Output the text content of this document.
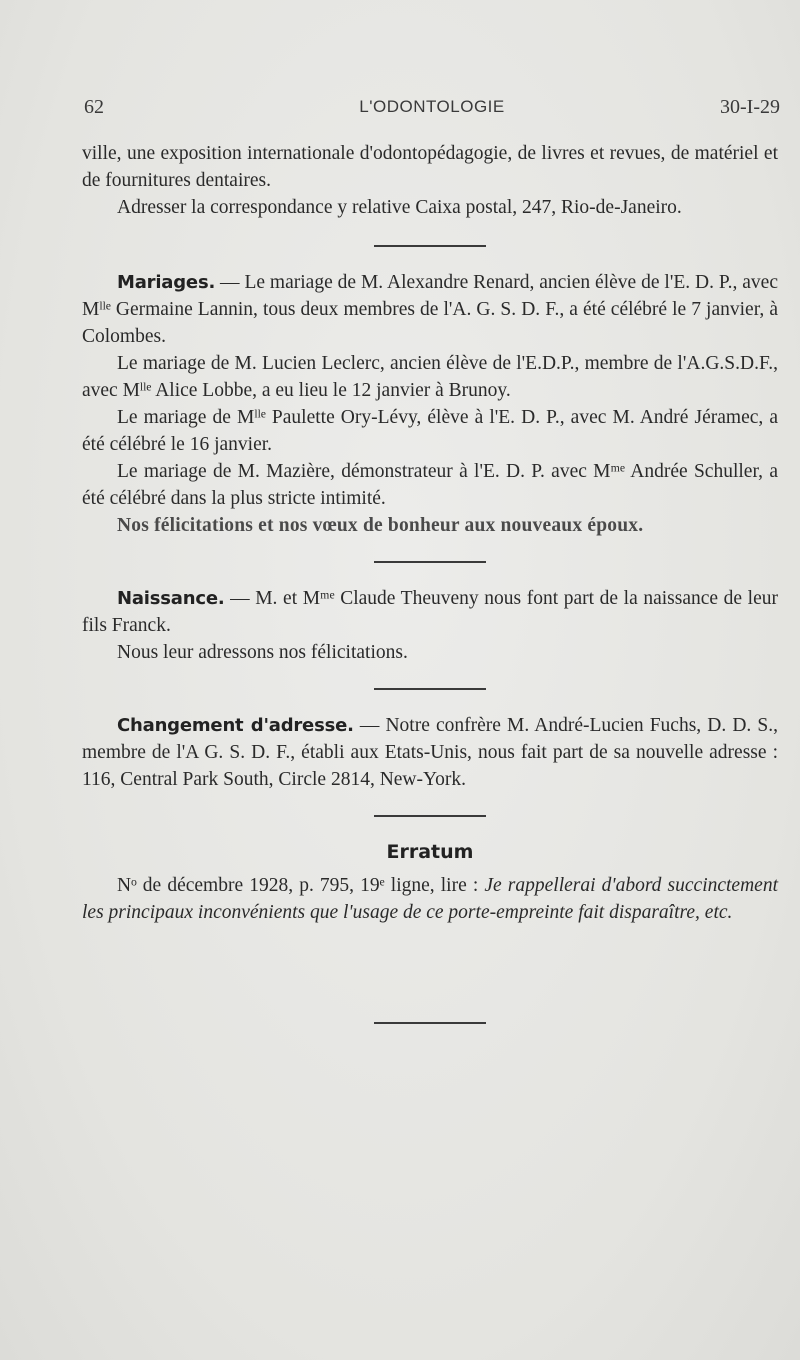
62	L'ODONTOLOGIE	30-I-29

ville, une exposition internationale d'odontopédagogie, de livres et revues, de matériel et de fournitures dentaires.

Adresser la correspondance y relative Caixa postal, 247, Rio-de-Janeiro.

Mariages. — Le mariage de M. Alexandre Renard, ancien élève de l'E. D. P., avec Mˡˡᵉ Germaine Lannin, tous deux membres de l'A. G. S. D. F., a été célébré le 7 janvier, à Colombes.

Le mariage de M. Lucien Leclerc, ancien élève de l'E.D.P., membre de l'A.G.S.D.F., avec Mˡˡᵉ Alice Lobbe, a eu lieu le 12 janvier à Brunoy.

Le mariage de Mˡˡᵉ Paulette Ory-Lévy, élève à l'E. D. P., avec M. André Jéramec, a été célébré le 16 janvier.

Le mariage de M. Mazière, démonstrateur à l'E. D. P. avec Mᵐᵉ Andrée Schuller, a été célébré dans la plus stricte intimité.

Nos félicitations et nos vœux de bonheur aux nouveaux époux.

Naissance. — M. et Mᵐᵉ Claude Theuveny nous font part de la naissance de leur fils Franck.

Nous leur adressons nos félicitations.

Changement d'adresse. — Notre confrère M. André-Lucien Fuchs, D. D. S., membre de l'A G. S. D. F., établi aux Etats-Unis, nous fait part de sa nouvelle adresse : 116, Central Park South, Circle 2814, New-York.

Erratum

Nᵒ de décembre 1928, p. 795, 19ᵉ ligne, lire : Je rappellerai d'abord succinctement les principaux inconvénients que l'usage de ce porte-empreinte fait disparaître, etc.
